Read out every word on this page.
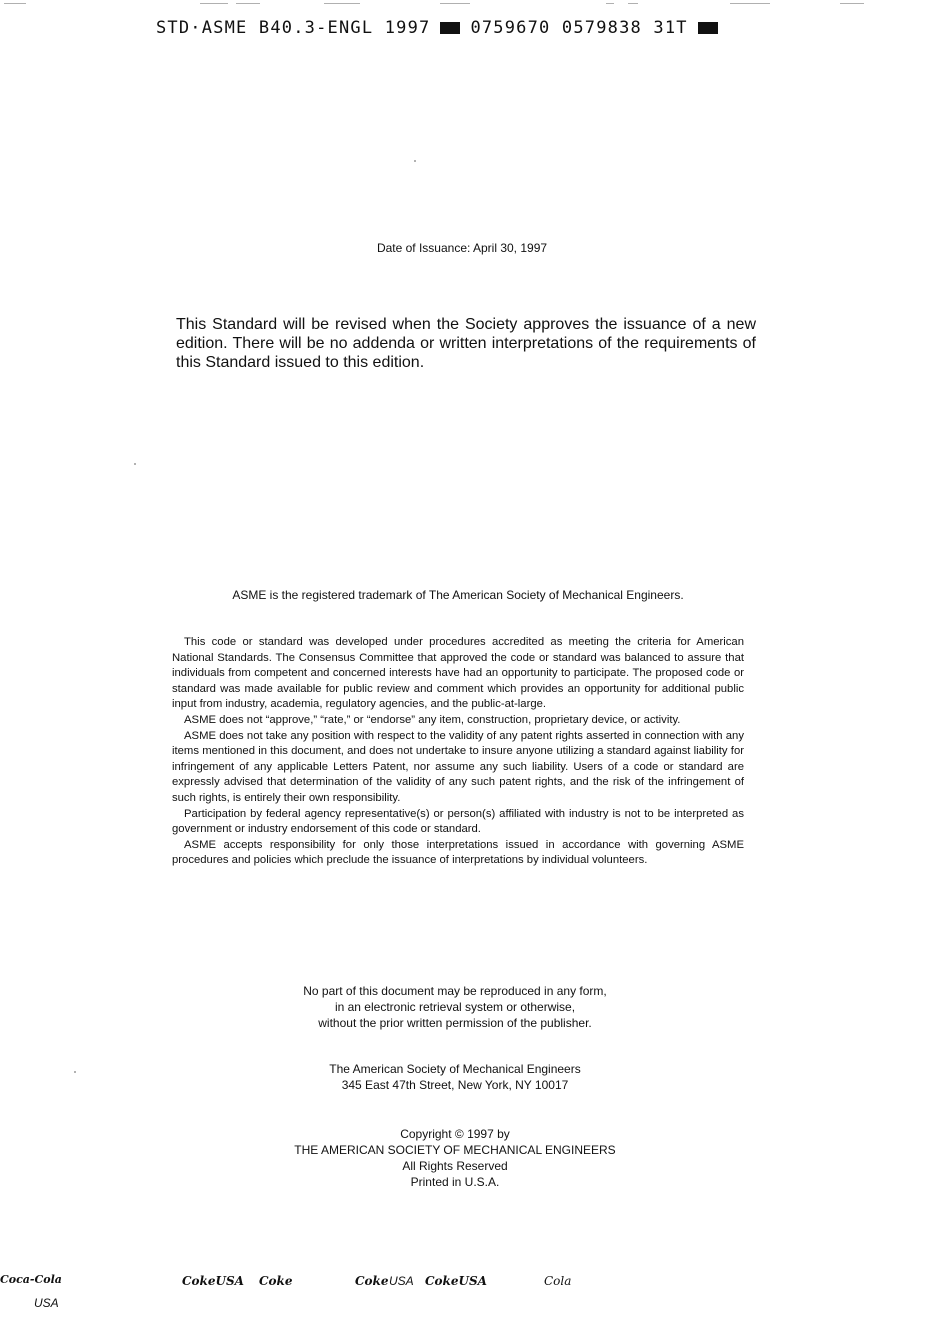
STD·ASME B40.3-ENGL 1997 0759670 0579838 31T
Date of Issuance: April 30, 1997
This Standard will be revised when the Society approves the issuance of a new edition. There will be no addenda or written interpretations of the requirements of this Standard issued to this edition.
ASME is the registered trademark of The American Society of Mechanical Engineers.

This code or standard was developed under procedures accredited as meeting the criteria for American National Standards. The Consensus Committee that approved the code or standard was balanced to assure that individuals from competent and concerned interests have had an opportunity to participate. The proposed code or standard was made available for public review and comment which provides an opportunity for additional public input from industry, academia, regulatory agencies, and the public-at-large.

ASME does not “approve,” “rate,” or “endorse” any item, construction, proprietary device, or activity.

ASME does not take any position with respect to the validity of any patent rights asserted in connection with any items mentioned in this document, and does not undertake to insure anyone utilizing a standard against liability for infringement of any applicable Letters Patent, nor assume any such liability. Users of a code or standard are expressly advised that determination of the validity of any such patent rights, and the risk of the infringement of such rights, is entirely their own responsibility.

Participation by federal agency representative(s) or person(s) affiliated with industry is not to be interpreted as government or industry endorsement of this code or standard.

ASME accepts responsibility for only those interpretations issued in accordance with governing ASME procedures and policies which preclude the issuance of interpretations by individual volunteers.

No part of this document may be reproduced in any form,
in an electronic retrieval system or otherwise,
without the prior written permission of the publisher.
The American Society of Mechanical Engineers
345 East 47th Street, New York, NY 10017
Copyright © 1997 by
THE AMERICAN SOCIETY OF MECHANICAL ENGINEERS
All Rights Reserved
Printed in U.S.A.
Coca-Cola
USA
CokeUSA Coke	Coke USA CokeUSA	Cola
